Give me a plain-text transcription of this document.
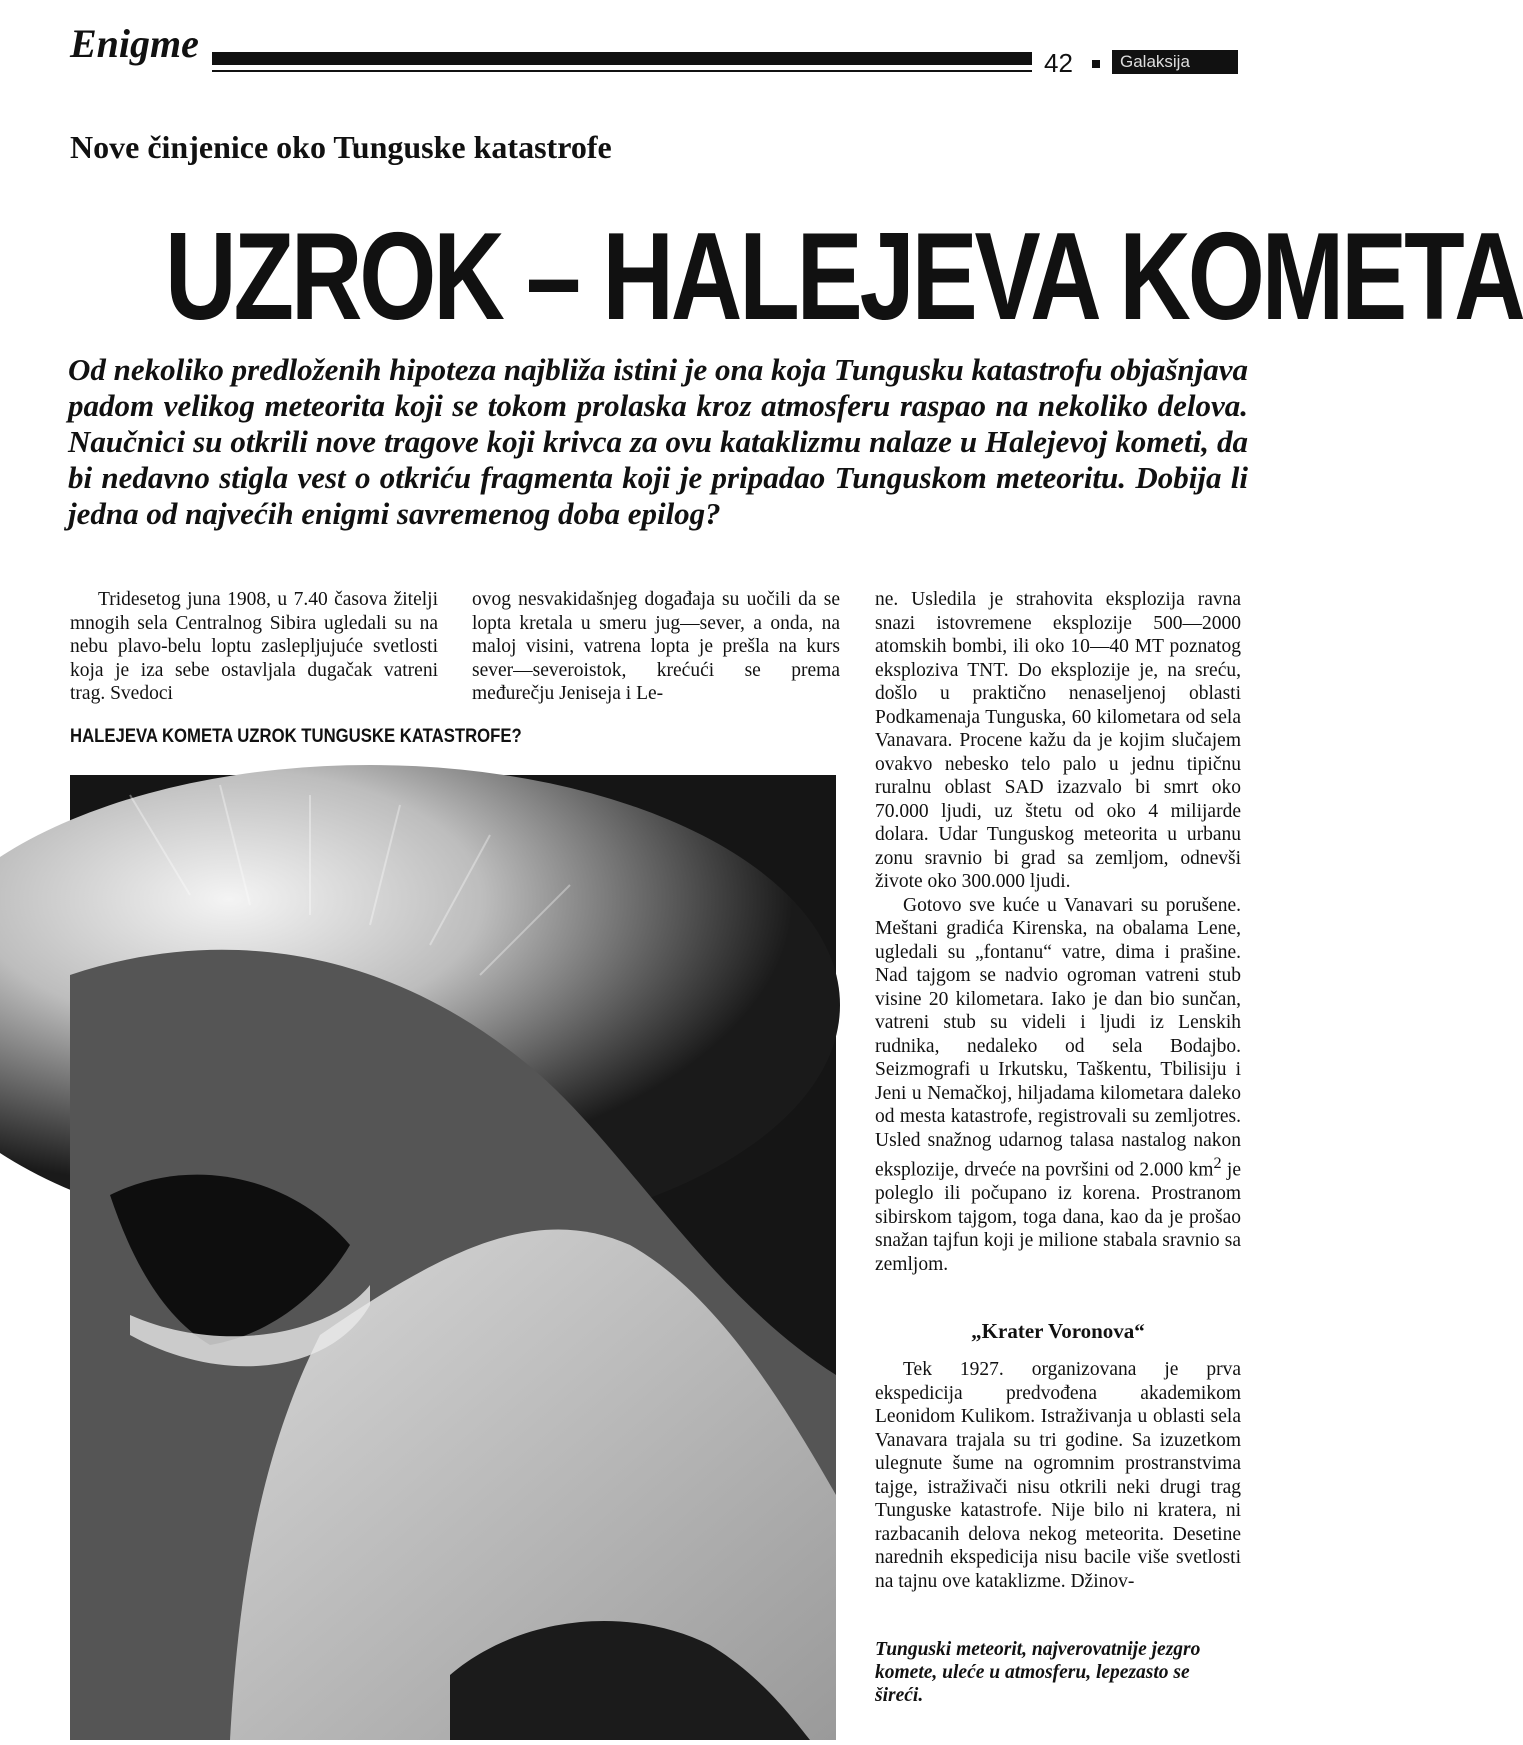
Enigme	42	Galaksija
Nove činjenice oko Tunguske katastrofe
UZROK – HALEJEVA KOMETA
Od nekoliko predloženih hipoteza najbliža istini je ona koja Tungusku katastrofu objašnjava padom velikog meteorita koji se tokom prolaska kroz atmosferu raspao na nekoliko delova. Naučnici su otkrili nove tragove koji krivca za ovu kataklizmu nalaze u Halejevoj kometi, da bi nedavno stigla vest o otkriću fragmenta koji je pripadao Tunguskom meteoritu. Dobija li jedna od najvećih enigmi savremenog doba epilog?

Tridesetog juna 1908, u 7.40 časova žitelji mnogih sela Centralnog Sibira ugledali su na nebu plavo-belu loptu zaslepljujuće svetlosti koja je iza sebe ostavljala dugačak vatreni trag. Svedoci

ovog nesvakidašnjeg događaja su uočili da se lopta kretala u smeru jug—sever, a onda, na maloj visini, vatrena lopta je prešla na kurs sever—severoistok, krećući se prema međurečju Jeniseja i Le-

HALEJEVA KOMETA UZROK TUNGUSKE KATASTROFE?

ne. Usledila je strahovita eksplozija ravna snazi istovremene eksplozije 500—2000 atomskih bombi, ili oko 10—40 MT poznatog eksploziva TNT. Do eksplozije je, na sreću, došlo u praktično nenaseljenoj oblasti Podkamenaja Tunguska, 60 kilometara od sela Vanavara. Procene kažu da je kojim slučajem ovakvo nebesko telo palo u jednu tipičnu ruralnu oblast SAD izazvalo bi smrt oko 70.000 ljudi, uz štetu od oko 4 milijarde dolara. Udar Tunguskog meteorita u urbanu zonu sravnio bi grad sa zemljom, odnevši živote oko 300.000 ljudi.

Gotovo sve kuće u Vanavari su porušene. Meštani gradića Kirenska, na obalama Lene, ugledali su „fontanu“ vatre, dima i prašine. Nad tajgom se nadvio ogroman vatreni stub visine 20 kilometara. Iako je dan bio sunčan, vatreni stub su videli i ljudi iz Lenskih rudnika, nedaleko od sela Bodajbo. Seizmografi u Irkutsku, Taškentu, Tbilisiju i Jeni u Nemačkoj, hiljadama kilometara daleko od mesta katastrofe, registrovali su zemljotres. Usled snažnog udarnog talasa nastalog nakon eksplozije, drveće na površini od 2.000 $km^2$ je poleglo ili počupano iz korena. Prostranom sibirskom tajgom, toga dana, kao da je prošao snažan tajfun koji je milione stabala sravnio sa zemljom.

„Krater Voronova“

Tek 1927. organizovana je prva ekspedicija predvođena akademikom Leonidom Kulikom. Istraživanja u oblasti sela Vanavara trajala su tri godine. Sa izuzetkom ulegnute šume na ogromnim prostranstvima tajge, istraživači nisu otkrili neki drugi trag Tunguske katastrofe. Nije bilo ni kratera, ni razbacanih delova nekog meteorita. Desetine narednih ekspedicija nisu bacile više svetlosti na tajnu ove kataklizme. Džinov-

Tunguski meteorit, najverovatnije jezgro komete, uleće u atmosferu, lepezasto se šireći.
